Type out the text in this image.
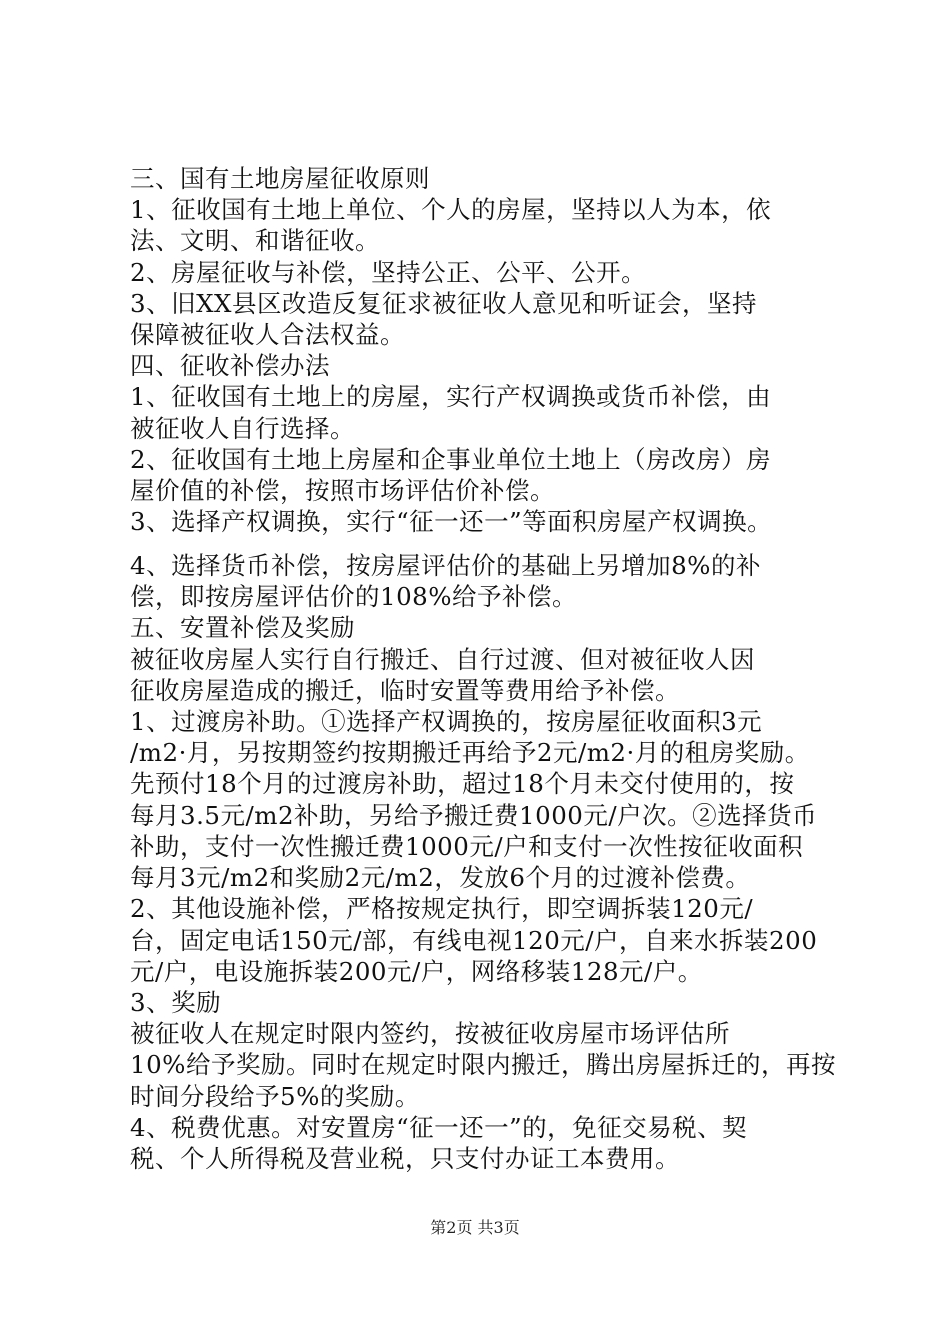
三、国有土地房屋征收原则
1、征收国有土地上单位、个人的房屋，坚持以人为本，依
法、文明、和谐征收。
2、房屋征收与补偿，坚持公正、公平、公开。
3、旧XX县区改造反复征求被征收人意见和听证会，坚持
保障被征收人合法权益。
四、征收补偿办法
1、征收国有土地上的房屋，实行产权调换或货币补偿，由
被征收人自行选择。
2、征收国有土地上房屋和企事业单位土地上（房改房）房
屋价值的补偿，按照市场评估价补偿。
3、选择产权调换，实行“征一还一”等面积房屋产权调换。
4、选择货币补偿，按房屋评估价的基础上另增加8%的补
偿，即按房屋评估价的108%给予补偿。
五、安置补偿及奖励
被征收房屋人实行自行搬迁、自行过渡、但对被征收人因
征收房屋造成的搬迁，临时安置等费用给予补偿。
1、过渡房补助。①选择产权调换的，按房屋征收面积3元
/m2·月，另按期签约按期搬迁再给予2元/m2·月的租房奖励。
先预付18个月的过渡房补助，超过18个月未交付使用的，按
每月3.5元/m2补助，另给予搬迁费1000元/户次。②选择货币
补助，支付一次性搬迁费1000元/户和支付一次性按征收面积
每月3元/m2和奖励2元/m2，发放6个月的过渡补偿费。
2、其他设施补偿，严格按规定执行，即空调拆装120元/
台，固定电话150元/部，有线电视120元/户，自来水拆装200
元/户，电设施拆装200元/户，网络移装128元/户。
3、奖励
被征收人在规定时限内签约，按被征收房屋市场评估所
10%给予奖励。同时在规定时限内搬迁，腾出房屋拆迁的，再按
时间分段给予5%的奖励。
4、税费优惠。对安置房“征一还一”的，免征交易税、契
税、个人所得税及营业税，只支付办证工本费用。
第2页 共3页
